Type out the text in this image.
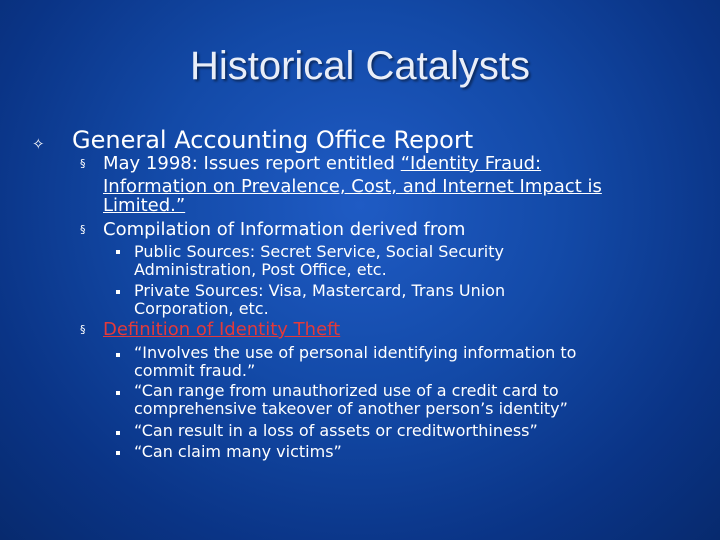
Historical Catalysts
✧ General Accounting Office Report
§ May 1998: Issues report entitled “Identity Fraud:
Information on Prevalence, Cost, and Internet Impact is
Limited.”
§ Compilation of Information derived from
Public Sources: Secret Service, Social Security
Administration, Post Office, etc.
Private Sources: Visa, Mastercard, Trans Union
Corporation, etc.
§ Definition of Identity Theft
“Involves the use of personal identifying information to
commit fraud.”
“Can range from unauthorized use of a credit card to
comprehensive takeover of another person’s identity”
“Can result in a loss of assets or creditworthiness”
“Can claim many victims”
